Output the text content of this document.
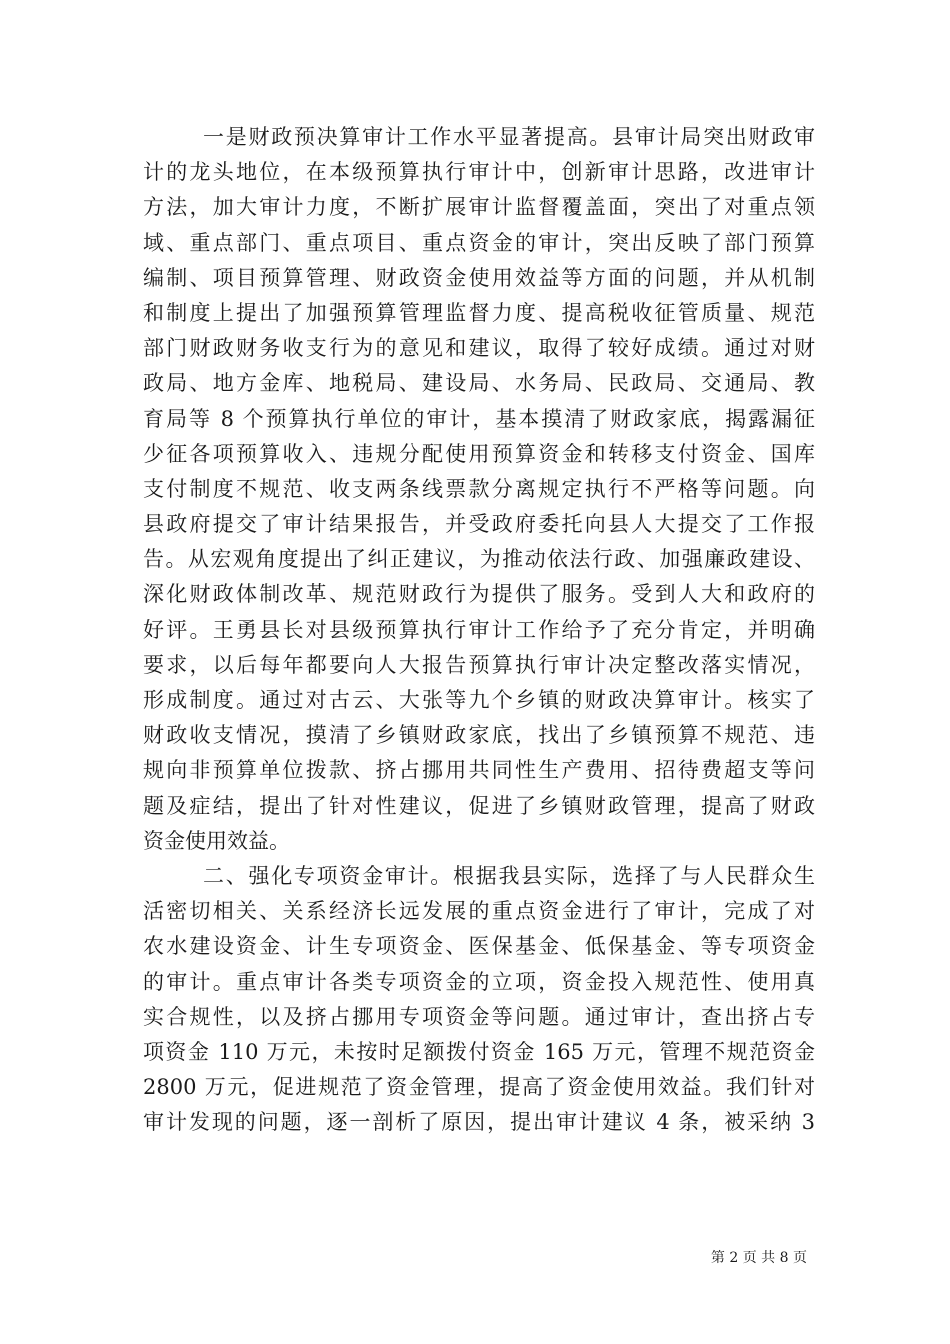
一是财政预决算审计工作水平显著提高。县审计局突出财政审
计的龙头地位，在本级预算执行审计中，创新审计思路，改进审计
方法，加大审计力度，不断扩展审计监督覆盖面，突出了对重点领
域、重点部门、重点项目、重点资金的审计，突出反映了部门预算
编制、项目预算管理、财政资金使用效益等方面的问题，并从机制
和制度上提出了加强预算管理监督力度、提高税收征管质量、规范
部门财政财务收支行为的意见和建议，取得了较好成绩。通过对财
政局、地方金库、地税局、建设局、水务局、民政局、交通局、教
育局等 8 个预算执行单位的审计，基本摸清了财政家底，揭露漏征
少征各项预算收入、违规分配使用预算资金和转移支付资金、国库
支付制度不规范、收支两条线票款分离规定执行不严格等问题。向
县政府提交了审计结果报告，并受政府委托向县人大提交了工作报
告。从宏观角度提出了纠正建议，为推动依法行政、加强廉政建设、
深化财政体制改革、规范财政行为提供了服务。受到人大和政府的
好评。王勇县长对县级预算执行审计工作给予了充分肯定，并明确
要求，以后每年都要向人大报告预算执行审计决定整改落实情况，
形成制度。通过对古云、大张等九个乡镇的财政决算审计。核实了
财政收支情况，摸清了乡镇财政家底，找出了乡镇预算不规范、违
规向非预算单位拨款、挤占挪用共同性生产费用、招待费超支等问
题及症结，提出了针对性建议，促进了乡镇财政管理，提高了财政
资金使用效益。
二、强化专项资金审计。根据我县实际，选择了与人民群众生
活密切相关、关系经济长远发展的重点资金进行了审计，完成了对
农水建设资金、计生专项资金、医保基金、低保基金、等专项资金
的审计。重点审计各类专项资金的立项，资金投入规范性、使用真
实合规性，以及挤占挪用专项资金等问题。通过审计，查出挤占专
项资金 110 万元，未按时足额拨付资金 165 万元，管理不规范资金
2800 万元，促进规范了资金管理，提高了资金使用效益。我们针对
审计发现的问题，逐一剖析了原因，提出审计建议 4 条，被采纳 3
第 2 页 共 8 页
